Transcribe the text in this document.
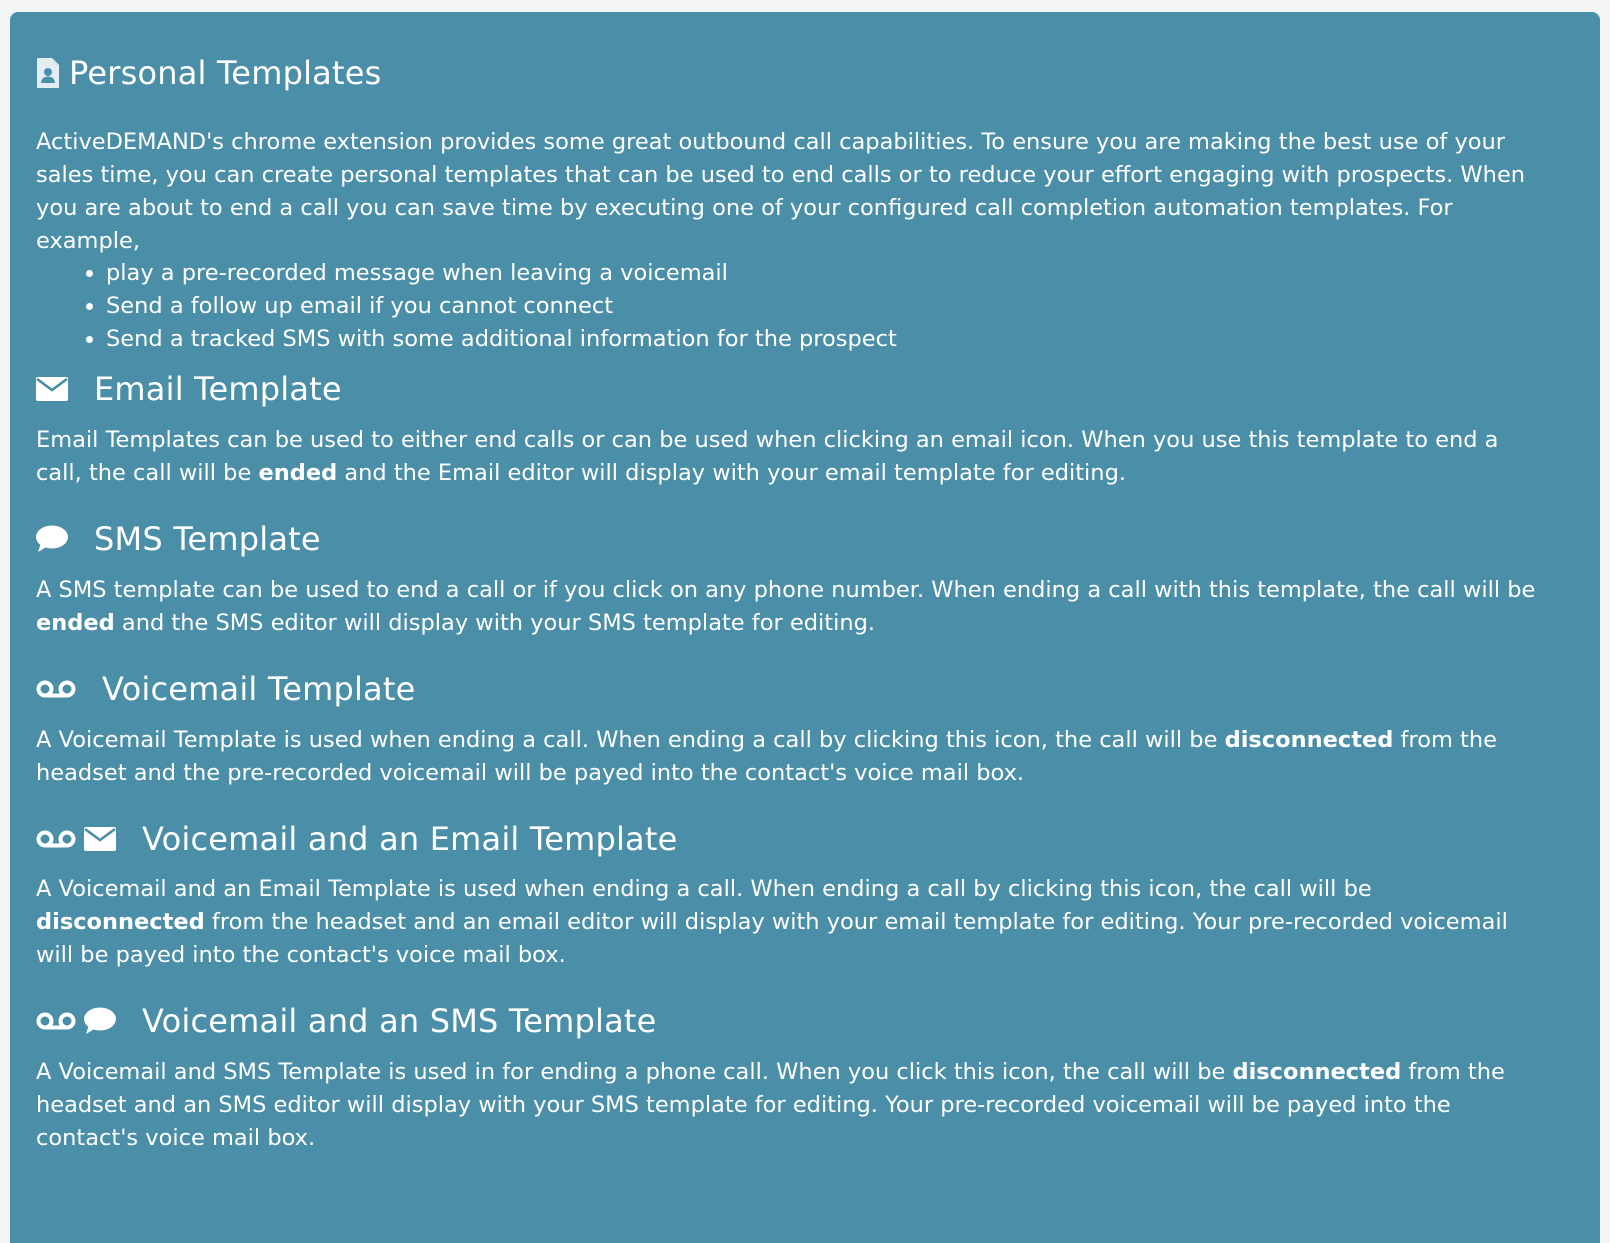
Personal Templates

ActiveDEMAND's chrome extension provides some great outbound call capabilities. To ensure you are making the best use of your sales time, you can create personal templates that can be used to end calls or to reduce your effort engaging with prospects. When you are about to end a call you can save time by executing one of your configured call completion automation templates. For example,

• play a pre-recorded message when leaving a voicemail
• Send a follow up email if you cannot connect
• Send a tracked SMS with some additional information for the prospect
Email Template

Email Templates can be used to either end calls or can be used when clicking an email icon. When you use this template to end a call, the call will be ended and the Email editor will display with your email template for editing.

SMS Template

A SMS template can be used to end a call or if you click on any phone number. When ending a call with this template, the call will be ended and the SMS editor will display with your SMS template for editing.

Voicemail Template

A Voicemail Template is used when ending a call. When ending a call by clicking this icon, the call will be disconnected from the headset and the pre-recorded voicemail will be payed into the contact's voice mail box.

Voicemail and an Email Template

A Voicemail and an Email Template is used when ending a call. When ending a call by clicking this icon, the call will be disconnected from the headset and an email editor will display with your email template for editing. Your pre-recorded voicemail will be payed into the contact's voice mail box.

Voicemail and an SMS Template

A Voicemail and SMS Template is used in for ending a phone call. When you click this icon, the call will be disconnected from the headset and an SMS editor will display with your SMS template for editing. Your pre-recorded voicemail will be payed into the contact's voice mail box.
